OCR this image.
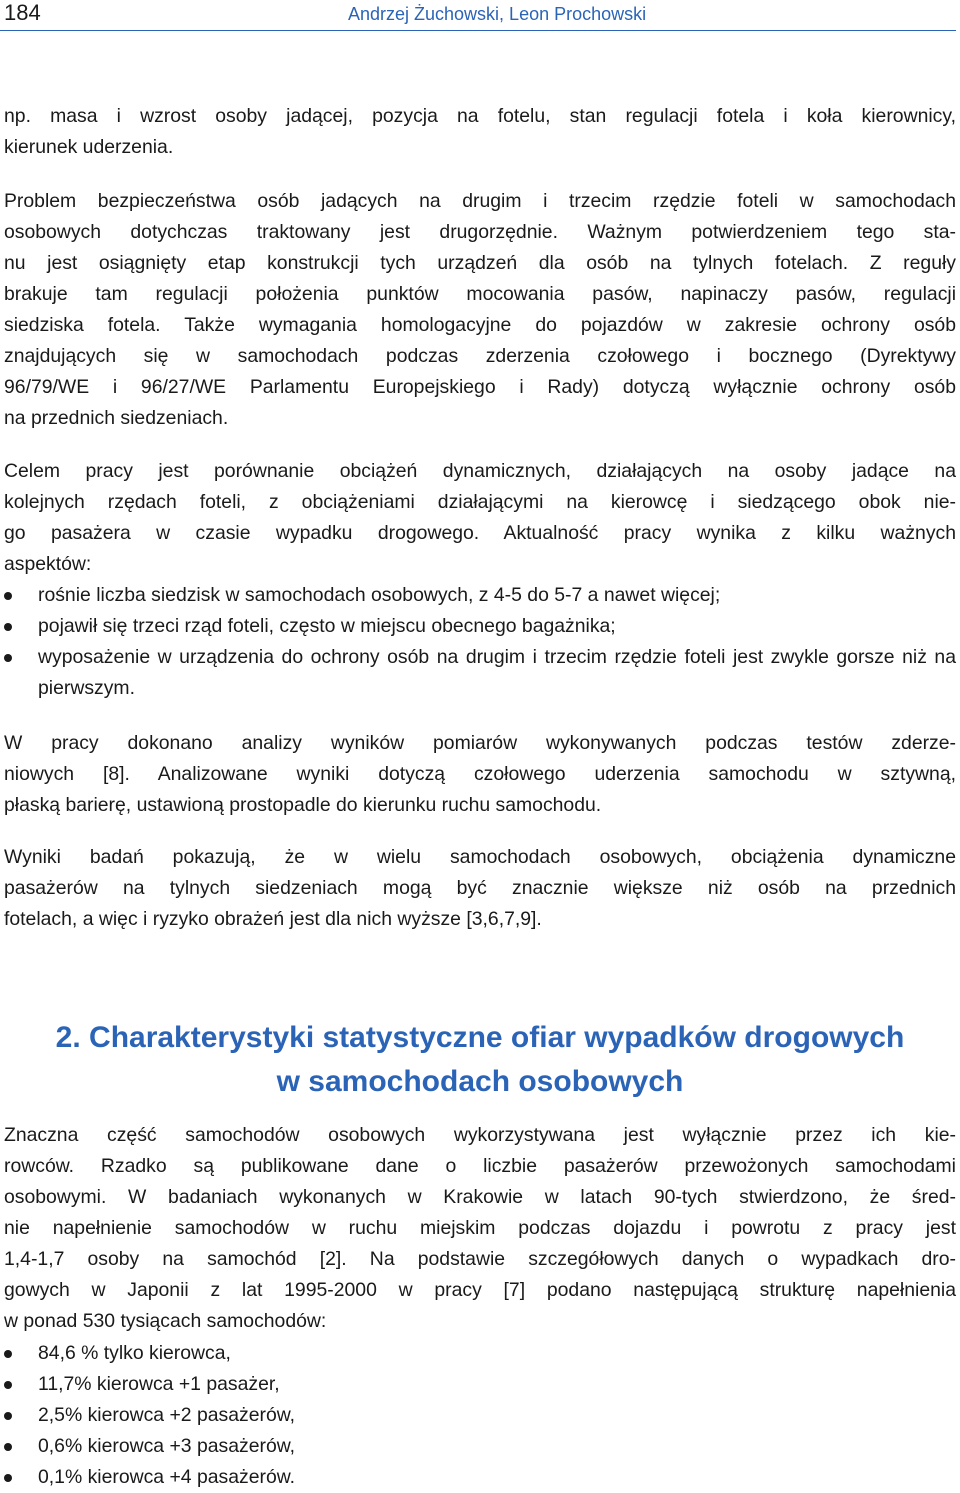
184	Andrzej Żuchowski, Leon Prochowski
np. masa i wzrost osoby jadącej, pozycja na fotelu, stan regulacji fotela i koła kierownicy,
kierunek uderzenia.
Problem bezpieczeństwa osób jadących na drugim i trzecim rzędzie foteli w samochodach
osobowych dotychczas traktowany jest drugorzędnie. Ważnym potwierdzeniem tego sta-
nu jest osiągnięty etap konstrukcji tych urządzeń dla osób na tylnych fotelach. Z reguły
brakuje tam regulacji położenia punktów mocowania pasów, napinaczy pasów, regulacji
siedziska fotela. Także wymagania homologacyjne do pojazdów w zakresie ochrony osób
znajdujących się w samochodach podczas zderzenia czołowego i bocznego (Dyrektywy
96/79/WE i 96/27/WE Parlamentu Europejskiego i Rady) dotyczą wyłącznie ochrony osób
na przednich siedzeniach.
Celem pracy jest porównanie obciążeń dynamicznych, działających na osoby jadące na
kolejnych rzędach foteli, z obciążeniami działającymi na kierowcę i siedzącego obok nie-
go pasażera w czasie wypadku drogowego. Aktualność pracy wynika z kilku ważnych
aspektów:
rośnie liczba siedzisk w samochodach osobowych, z 4-5 do 5-7 a nawet więcej;
pojawił się trzeci rząd foteli, często w miejscu obecnego bagażnika;
wyposażenie w urządzenia do ochrony osób na drugim i trzecim rzędzie foteli jest zwykle gorsze niż na pierwszym.
W pracy dokonano analizy wyników pomiarów wykonywanych podczas testów zderze-
niowych [8]. Analizowane wyniki dotyczą czołowego uderzenia samochodu w sztywną,
płaską barierę, ustawioną prostopadle do kierunku ruchu samochodu.
Wyniki badań pokazują, że w wielu samochodach osobowych, obciążenia dynamiczne
pasażerów na tylnych siedzeniach mogą być znacznie większe niż osób na przednich
fotelach, a więc i ryzyko obrażeń jest dla nich wyższe [3,6,7,9].
2. Charakterystyki statystyczne ofiar wypadków drogowych
w samochodach osobowych
Znaczna część samochodów osobowych wykorzystywana jest wyłącznie przez ich kie-
rowców. Rzadko są publikowane dane o liczbie pasażerów przewożonych samochodami
osobowymi. W badaniach wykonanych w Krakowie w latach 90-tych stwierdzono, że śred-
nie napełnienie samochodów w ruchu miejskim podczas dojazdu i powrotu z pracy jest
1,4-1,7 osoby na samochód [2]. Na podstawie szczegółowych danych o wypadkach dro-
gowych w Japonii z lat 1995-2000 w pracy [7] podano następującą strukturę napełnienia
w ponad 530 tysiącach samochodów:
84,6 % tylko kierowca,
11,7% kierowca +1 pasażer,
2,5% kierowca +2 pasażerów,
0,6% kierowca +3 pasażerów,
0,1% kierowca +4 pasażerów.
